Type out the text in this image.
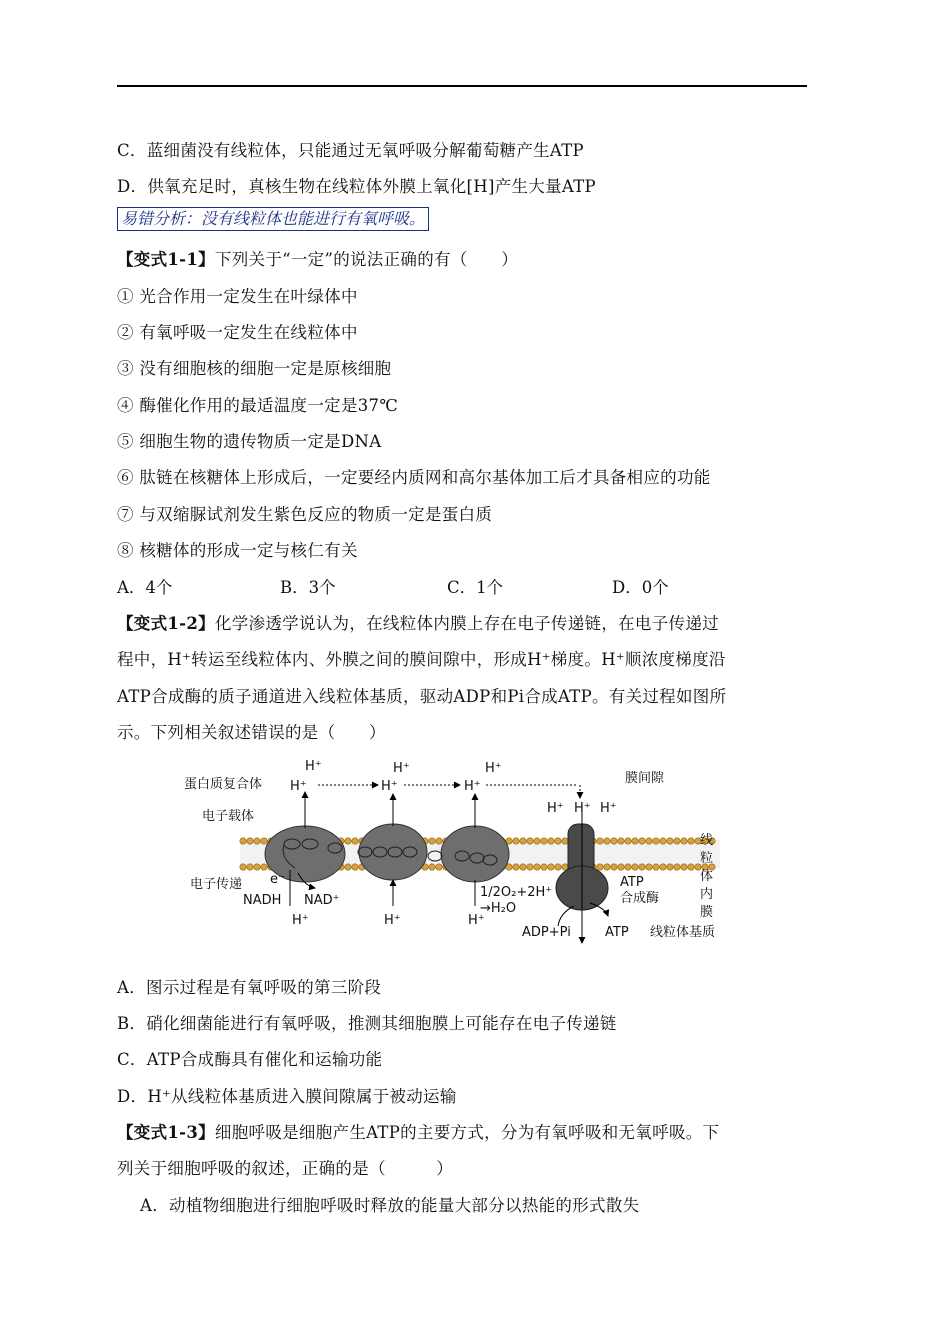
C．蓝细菌没有线粒体，只能通过无氧呼吸分解葡萄糖产生ATP
D．供氧充足时，真核生物在线粒体外膜上氧化[H]产生大量ATP
易错分析：没有线粒体也能进行有氧呼吸。
【变式1-1】下列关于“一定”的说法正确的有（　　）
① 光合作用一定发生在叶绿体中
② 有氧呼吸一定发生在线粒体中
③ 没有细胞核的细胞一定是原核细胞
④ 酶催化作用的最适温度一定是37℃
⑤ 细胞生物的遗传物质一定是DNA
⑥ 肽链在核糖体上形成后，一定要经内质网和高尔基体加工后才具备相应的功能
⑦ 与双缩脲试剂发生紫色反应的物质一定是蛋白质
⑧ 核糖体的形成一定与核仁有关
A．4个	B．3个	C．1个	D．0个
【变式1-2】化学渗透学说认为，在线粒体内膜上存在电子传递链，在电子传递过
程中，H⁺转运至线粒体内、外膜之间的膜间隙中，形成H⁺梯度。H⁺顺浓度梯度沿
ATP合成酶的质子通道进入线粒体基质，驱动ADP和Pi合成ATP。有关过程如图所
示。下列相关叙述错误的是（　　）
H⁺	H⁺	H⁺
H⁺	H⁺	H⁺
蛋白质复合体
电子载体
电子传递 e⁻
NADH NAD⁺
H⁺	H⁺	H⁺
1/2O₂+2H⁺
→H₂O
膜间隙
H⁺ H⁺ H⁺
线
粒
体
内
膜
ATP
合成酶
ADP+Pi	ATP 线粒体基质
A．图示过程是有氧呼吸的第三阶段
B．硝化细菌能进行有氧呼吸，推测其细胞膜上可能存在电子传递链
C．ATP合成酶具有催化和运输功能
D．H⁺从线粒体基质进入膜间隙属于被动运输
【变式1-3】细胞呼吸是细胞产生ATP的主要方式，分为有氧呼吸和无氧呼吸。下
列关于细胞呼吸的叙述，正确的是（　　　）
A．动植物细胞进行细胞呼吸时释放的能量大部分以热能的形式散失
